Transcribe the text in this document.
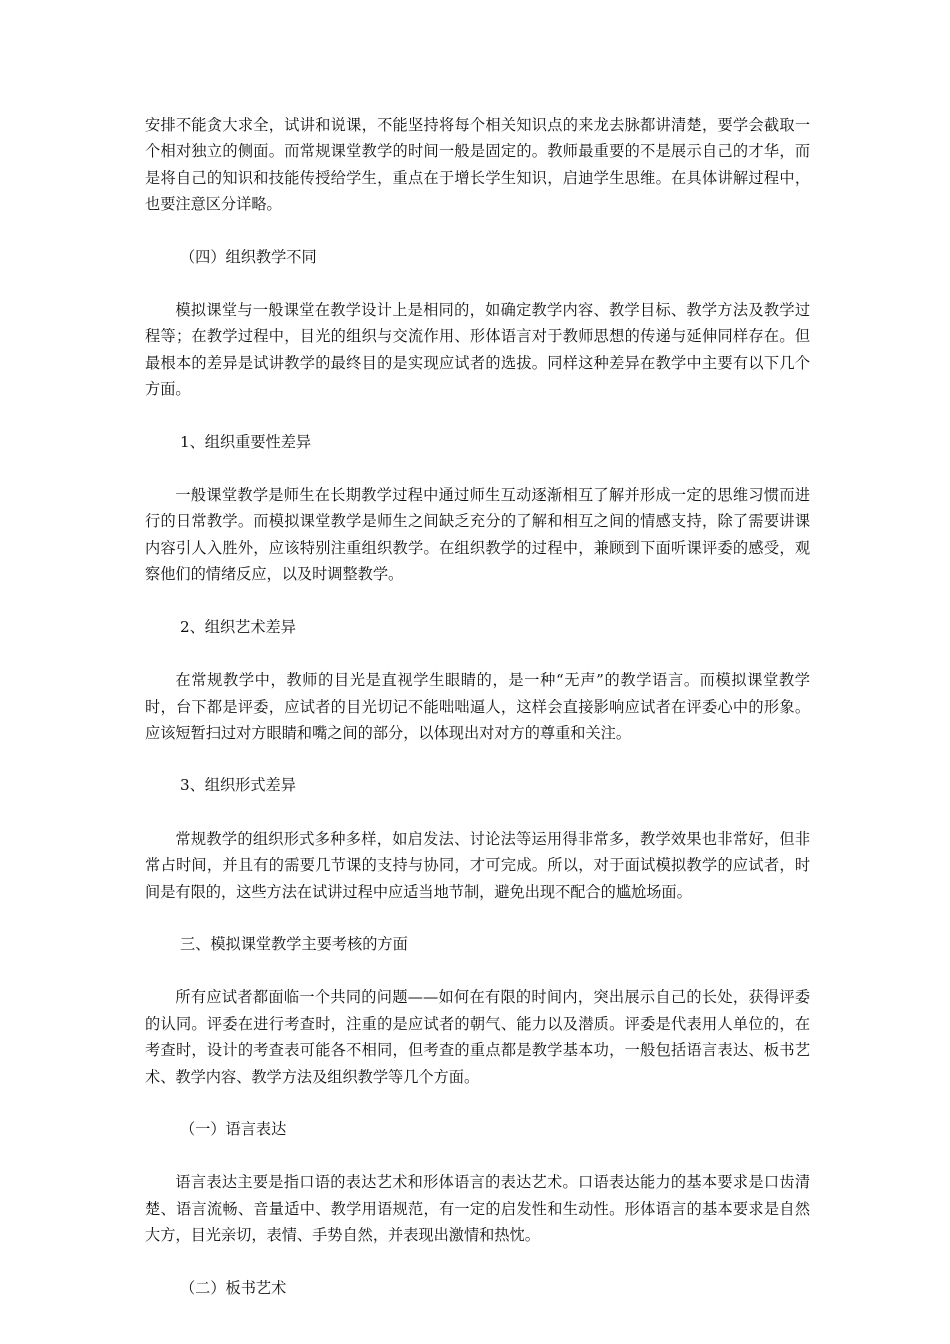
安排不能贪大求全，试讲和说课，不能坚持将每个相关知识点的来龙去脉都讲清楚，要学会截取一个相对独立的侧面。而常规课堂教学的时间一般是固定的。教师最重要的不是展示自己的才华，而是将自己的知识和技能传授给学生，重点在于增长学生知识，启迪学生思维。在具体讲解过程中，也要注意区分详略。

（四）组织教学不同

模拟课堂与一般课堂在教学设计上是相同的，如确定教学内容、教学目标、教学方法及教学过程等；在教学过程中，目光的组织与交流作用、形体语言对于教师思想的传递与延伸同样存在。但最根本的差异是试讲教学的最终目的是实现应试者的选拔。同样这种差异在教学中主要有以下几个方面。

1、组织重要性差异

一般课堂教学是师生在长期教学过程中通过师生互动逐渐相互了解并形成一定的思维习惯而进行的日常教学。而模拟课堂教学是师生之间缺乏充分的了解和相互之间的情感支持，除了需要讲课内容引人入胜外，应该特别注重组织教学。在组织教学的过程中，兼顾到下面听课评委的感受，观察他们的情绪反应，以及时调整教学。

2、组织艺术差异

在常规教学中，教师的目光是直视学生眼睛的，是一种“无声”的教学语言。而模拟课堂教学时，台下都是评委，应试者的目光切记不能咄咄逼人，这样会直接影响应试者在评委心中的形象。应该短暂扫过对方眼睛和嘴之间的部分，以体现出对对方的尊重和关注。

3、组织形式差异

常规教学的组织形式多种多样，如启发法、讨论法等运用得非常多，教学效果也非常好，但非常占时间，并且有的需要几节课的支持与协同，才可完成。所以，对于面试模拟教学的应试者，时间是有限的，这些方法在试讲过程中应适当地节制，避免出现不配合的尴尬场面。

三、模拟课堂教学主要考核的方面

所有应试者都面临一个共同的问题——如何在有限的时间内，突出展示自己的长处，获得评委的认同。评委在进行考查时，注重的是应试者的朝气、能力以及潜质。评委是代表用人单位的，在考查时，设计的考查表可能各不相同，但考查的重点都是教学基本功，一般包括语言表达、板书艺术、教学内容、教学方法及组织教学等几个方面。

（一）语言表达

语言表达主要是指口语的表达艺术和形体语言的表达艺术。口语表达能力的基本要求是口齿清楚、语言流畅、音量适中、教学用语规范，有一定的启发性和生动性。形体语言的基本要求是自然大方，目光亲切，表情、手势自然，并表现出激情和热忱。

（二）板书艺术
